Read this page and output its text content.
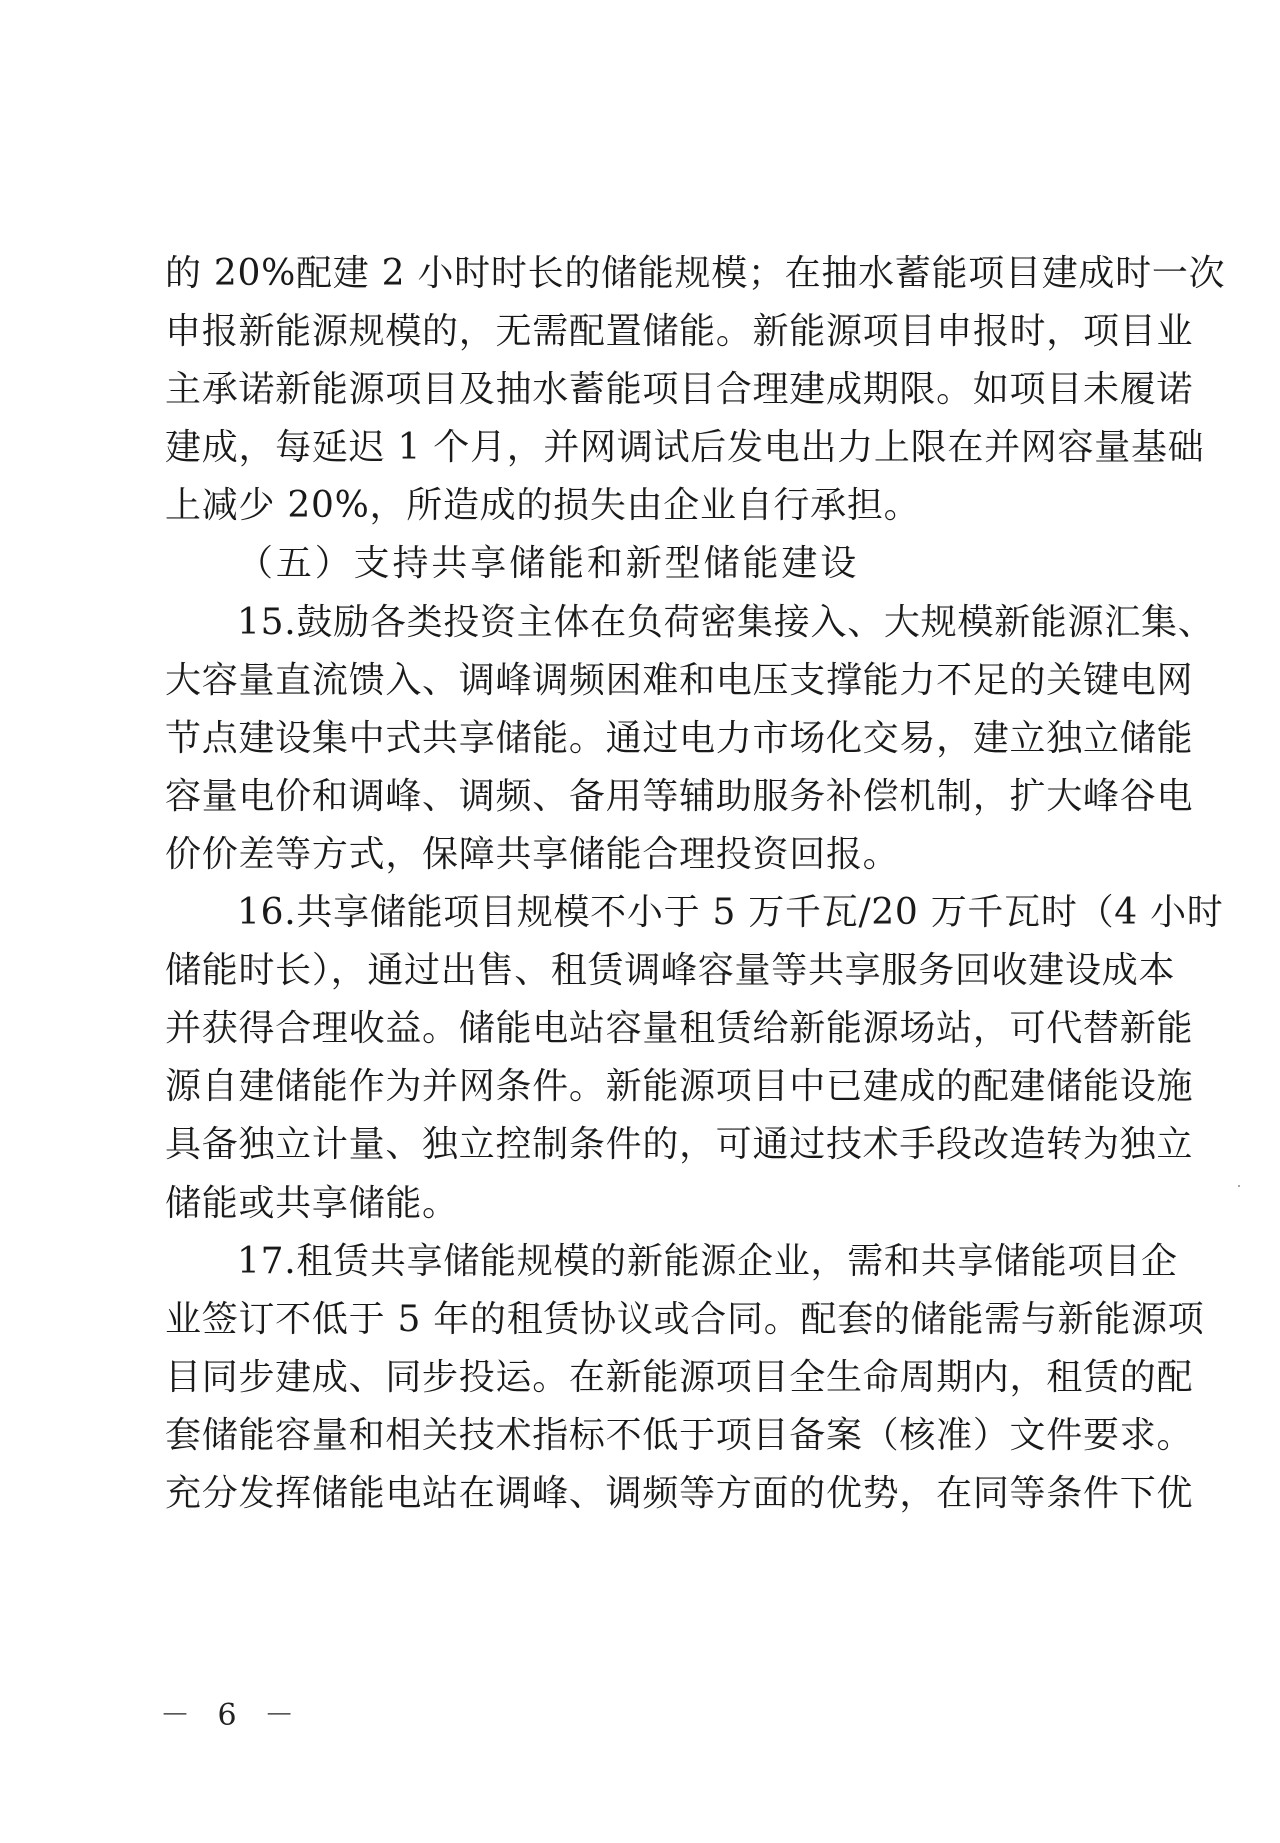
的 20%配建 2 小时时长的储能规模；在抽水蓄能项目建成时一次
申报新能源规模的，无需配置储能。新能源项目申报时，项目业
主承诺新能源项目及抽水蓄能项目合理建成期限。如项目未履诺
建成，每延迟 1 个月，并网调试后发电出力上限在并网容量基础
上减少 20%，所造成的损失由企业自行承担。
（五）支持共享储能和新型储能建设
15.鼓励各类投资主体在负荷密集接入、大规模新能源汇集、
大容量直流馈入、调峰调频困难和电压支撑能力不足的关键电网
节点建设集中式共享储能。通过电力市场化交易，建立独立储能
容量电价和调峰、调频、备用等辅助服务补偿机制，扩大峰谷电
价价差等方式，保障共享储能合理投资回报。
16.共享储能项目规模不小于 5 万千瓦/20 万千瓦时（4 小时
储能时长），通过出售、租赁调峰容量等共享服务回收建设成本
并获得合理收益。储能电站容量租赁给新能源场站，可代替新能
源自建储能作为并网条件。新能源项目中已建成的配建储能设施
具备独立计量、独立控制条件的，可通过技术手段改造转为独立
储能或共享储能。
17.租赁共享储能规模的新能源企业，需和共享储能项目企
业签订不低于 5 年的租赁协议或合同。配套的储能需与新能源项
目同步建成、同步投运。在新能源项目全生命周期内，租赁的配
套储能容量和相关技术指标不低于项目备案（核准）文件要求。
充分发挥储能电站在调峰、调频等方面的优势，在同等条件下优
－ 6 －
